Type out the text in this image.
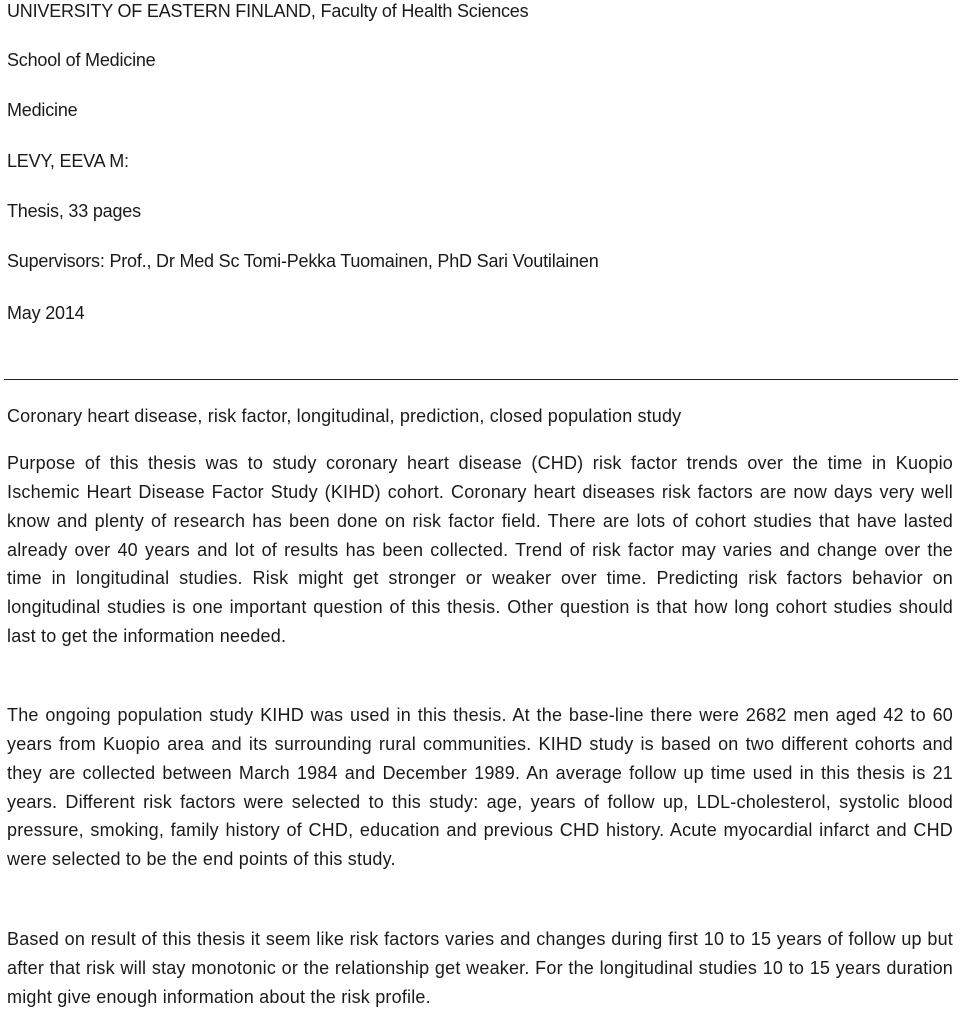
UNIVERSITY OF EASTERN FINLAND, Faculty of Health Sciences
School of Medicine
Medicine
LEVY, EEVA M:
Thesis, 33 pages
Supervisors: Prof., Dr Med Sc Tomi-Pekka Tuomainen, PhD Sari Voutilainen
May 2014
Coronary heart disease, risk factor, longitudinal, prediction, closed population study

Purpose of this thesis was to study coronary heart disease (CHD) risk factor trends over the time in Kuopio Ischemic Heart Disease Factor Study (KIHD) cohort. Coronary heart diseases risk factors are now days very well know and plenty of research has been done on risk factor field. There are lots of cohort studies that have lasted already over 40 years and lot of results has been collected. Trend of risk factor may varies and change over the time in longitudinal studies. Risk might get stronger or weaker over time. Predicting risk factors behavior on longitudinal studies is one important question of this thesis. Other question is that how long cohort studies should last to get the information needed.

The ongoing population study KIHD was used in this thesis. At the base-line there were 2682 men aged 42 to 60 years from Kuopio area and its surrounding rural communities. KIHD study is based on two different cohorts and they are collected between March 1984 and December 1989. An average follow up time used in this thesis is 21 years. Different risk factors were selected to this study: age, years of follow up, LDL-cholesterol, systolic blood pressure, smoking, family history of CHD, education and previous CHD history. Acute myocardial infarct and CHD were selected to be the end points of this study.

Based on result of this thesis it seem like risk factors varies and changes during first 10 to 15 years of follow up but after that risk will stay monotonic or the relationship get weaker. For the longitudinal studies 10 to 15 years duration might give enough information about the risk profile.
